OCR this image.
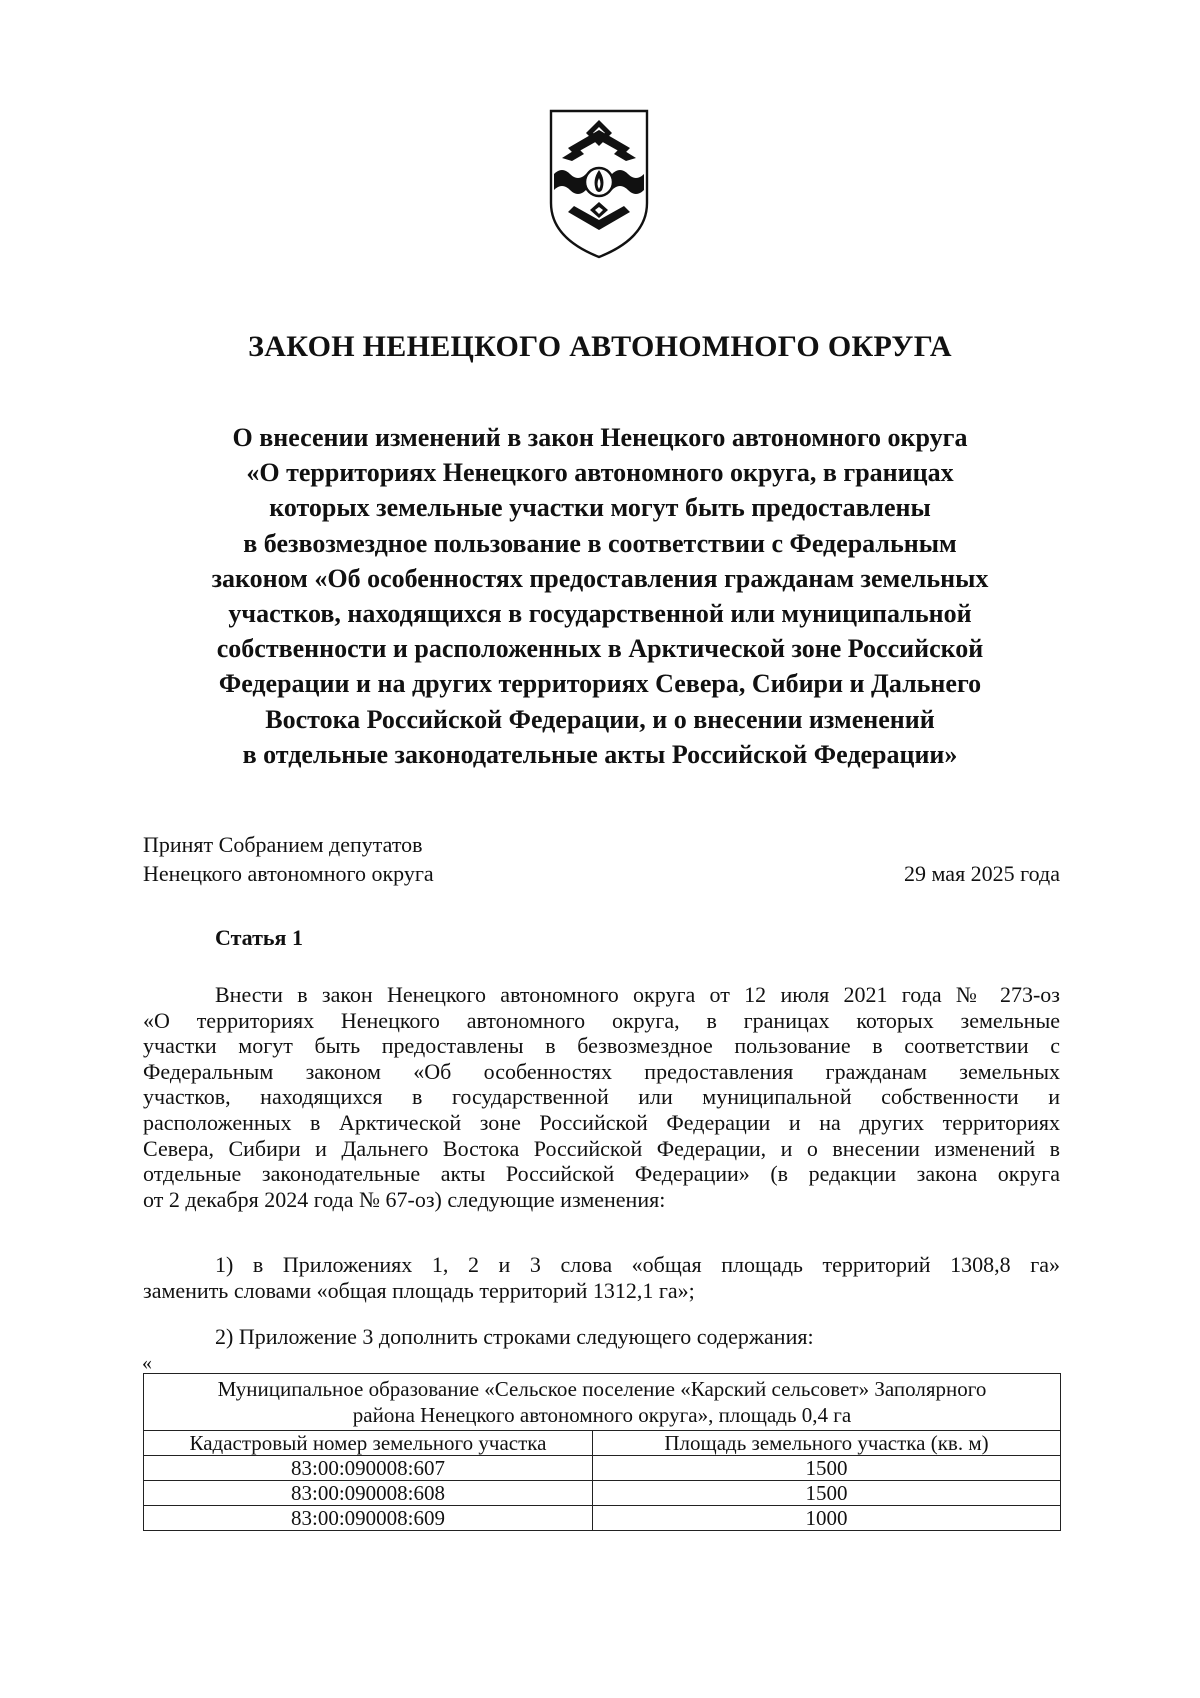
ЗАКОН НЕНЕЦКОГО АВТОНОМНОГО ОКРУГА
О внесении изменений в закон Ненецкого автономного округа
«О территориях Ненецкого автономного округа, в границах
которых земельные участки могут быть предоставлены
в безвозмездное пользование в соответствии с Федеральным
законом «Об особенностях предоставления гражданам земельных
участков, находящихся в государственной или муниципальной
собственности и расположенных в Арктической зоне Российской
Федерации и на других территориях Севера, Сибири и Дальнего
Востока Российской Федерации, и о внесении изменений
в отдельные законодательные акты Российской Федерации»
Принят Собранием депутатов
Ненецкого автономного округа	29 мая 2025 года
Статья 1
Внести в закон Ненецкого автономного округа от 12 июля 2021 года № 273-оз
«О территориях Ненецкого автономного округа, в границах которых земельные
участки могут быть предоставлены в безвозмездное пользование в соответствии с
Федеральным законом «Об особенностях предоставления гражданам земельных
участков, находящихся в государственной или муниципальной собственности и
расположенных в Арктической зоне Российской Федерации и на других территориях
Севера, Сибири и Дальнего Востока Российской Федерации, и о внесении изменений в
отдельные законодательные акты Российской Федерации» (в редакции закона округа
от 2 декабря 2024 года № 67-оз) следующие изменения:
1) в Приложениях 1, 2 и 3 слова «общая площадь территорий 1308,8 га»
заменить словами «общая площадь территорий 1312,1 га»;
2) Приложение 3 дополнить строками следующего содержания:
«
Муниципальное образование «Сельское поселение «Карский сельсовет» Заполярного
района Ненецкого автономного округа», площадь 0,4 га	

Кадастровый номер земельного участка	Площадь земельного участка (кв. м)
83:00:090008:607	1500
83:00:090008:608	1500
83:00:090008:609	1000
